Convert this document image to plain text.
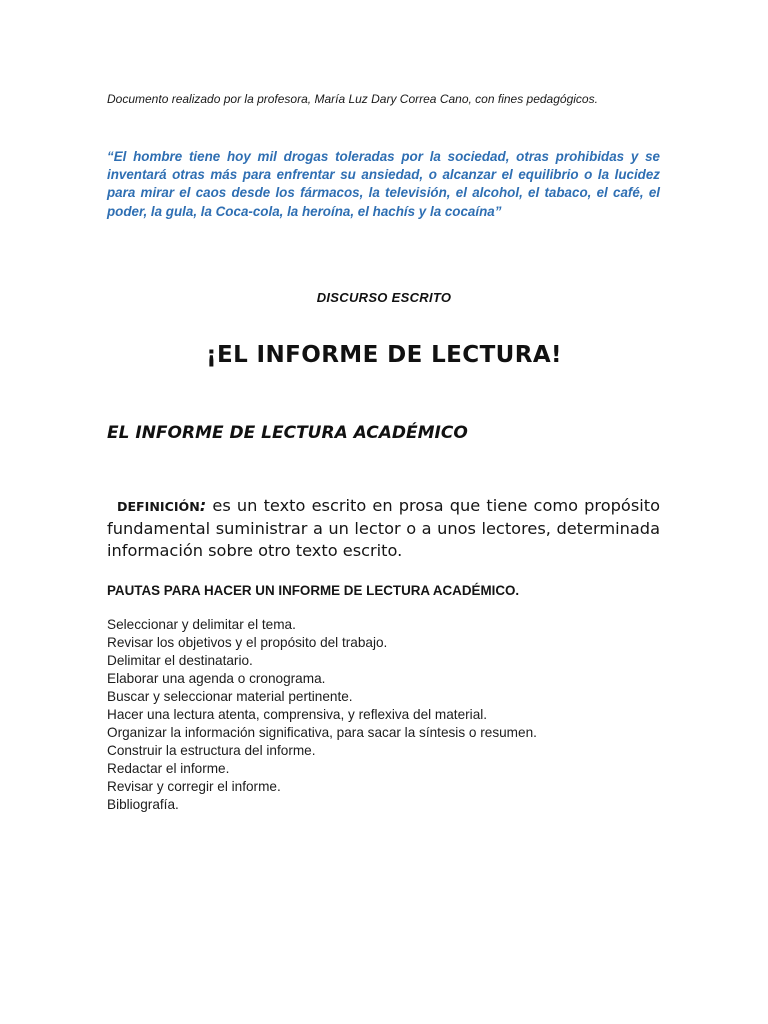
Documento realizado por la profesora, María Luz Dary Correa Cano, con fines pedagógicos.
“El hombre tiene hoy mil drogas toleradas por la sociedad, otras prohibidas y se inventará otras más para enfrentar su ansiedad, o alcanzar el equilibrio o la lucidez para mirar el caos desde los fármacos, la televisión, el alcohol, el tabaco, el café, el poder, la gula, la Coca-cola, la heroína, el hachís y la cocaína”
DISCURSO ESCRITO
¡EL INFORME DE LECTURA!
EL INFORME DE LECTURA ACADÉMICO
DEFINICIÓN: es un texto escrito en prosa que tiene como propósito fundamental suministrar a un lector o a unos lectores, determinada información sobre otro texto escrito.
PAUTAS PARA HACER UN INFORME DE LECTURA ACADÉMICO.
Seleccionar y delimitar el tema.
Revisar los objetivos y el propósito del trabajo.
Delimitar el destinatario.
Elaborar una agenda o cronograma.
Buscar y seleccionar material pertinente.
Hacer una lectura atenta, comprensiva, y reflexiva del material.
Organizar la información significativa, para sacar la síntesis o resumen.
Construir la estructura del informe.
Redactar el informe.
Revisar y corregir el informe.
Bibliografía.
